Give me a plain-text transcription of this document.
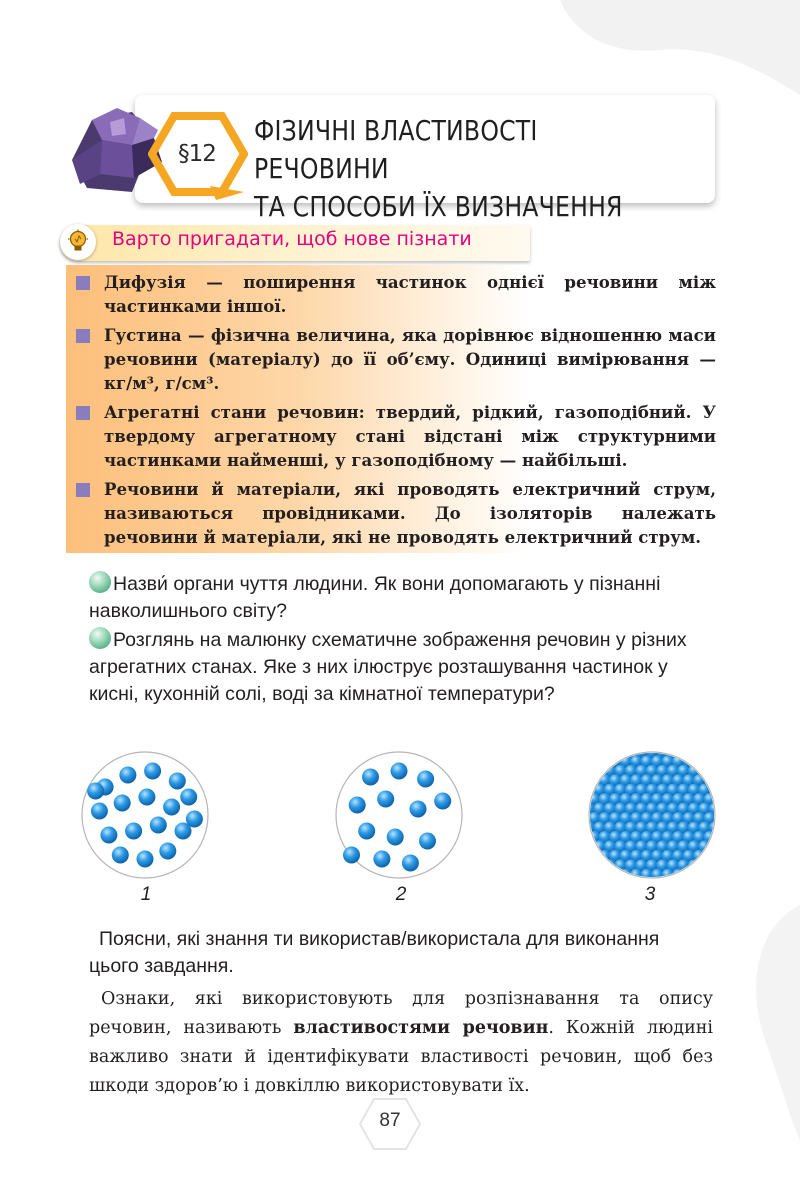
§12
ФІЗИЧНІ ВЛАСТИВОСТІ РЕЧОВИНИ
ТА СПОСОБИ ЇХ ВИЗНАЧЕННЯ
Варто пригадати, щоб нове пізнати
Дифузія — поширення частинок однієї речовини між частинками іншої.
Густина — фізична величина, яка дорівнює відношенню маси речовини (матеріалу) до її об’єму. Одиниці вимірювання — кг/м³, г/см³.
Агрегатні стани речовин: твердий, рідкий, газоподібний. У твердому агрегатному стані відстані між структурними частинками найменші, у газоподібному — найбільші.
Речовини й матеріали, які проводять електричний струм, називаються провідниками. До ізоляторів належать речовини й матеріали, які не проводять електричний струм.
Назви́ органи чуття людини. Як вони допомагають у пізнанні навколишнього світу?
Розглянь на малюнку схематичне зображення речовин у різних агрегатних станах. Яке з них ілюструє розташування частинок у кисні, кухонній солі, воді за кімнатної температури?
1	2	3
Поясни, які знання ти використав/використала для виконання цього завдання.
Ознаки, які використовують для розпізнавання та опису речовин, називають властивостями речовин. Кожній людині важливо знати й ідентифікувати властивості речовин, щоб без шкоди здоров’ю і довкіллю використовувати їх.
87
